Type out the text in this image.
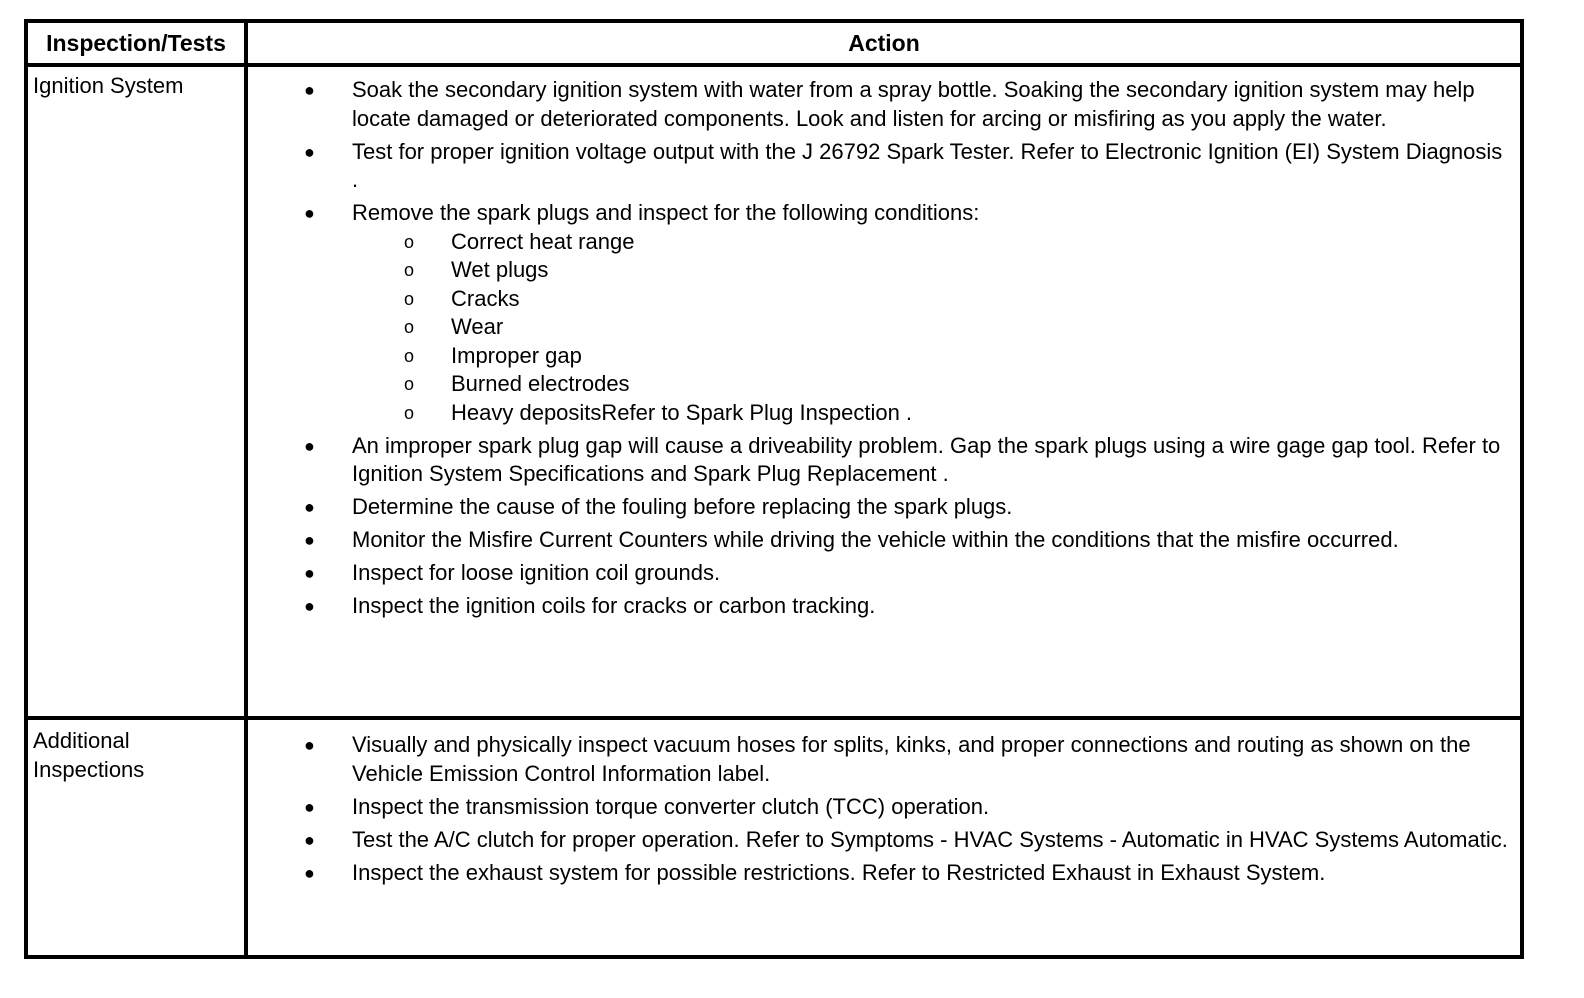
Inspection/Tests	Action
Ignition System	● Soak the secondary ignition system with water from a spray bottle. Soaking the secondary ignition system may help locate damaged or deteriorated components. Look and listen for arcing or misfiring as you apply the water.
● Test for proper ignition voltage output with the J 26792 Spark Tester. Refer to Electronic Ignition (EI) System Diagnosis .
● Remove the spark plugs and inspect for the following conditions:
o Correct heat range
o Wet plugs
o Cracks
o Wear
o Improper gap
o Burned electrodes
o Heavy depositsRefer to Spark Plug Inspection .
● An improper spark plug gap will cause a driveability problem. Gap the spark plugs using a wire gage gap tool. Refer to Ignition System Specifications and Spark Plug Replacement .
● Determine the cause of the fouling before replacing the spark plugs.
● Monitor the Misfire Current Counters while driving the vehicle within the conditions that the misfire occurred.
● Inspect for loose ignition coil grounds.
● Inspect the ignition coils for cracks or carbon tracking.
Additional Inspections
● Visually and physically inspect vacuum hoses for splits, kinks, and proper connections and routing as shown on the Vehicle Emission Control Information label.
● Inspect the transmission torque converter clutch (TCC) operation.
● Test the A/C clutch for proper operation. Refer to Symptoms - HVAC Systems - Automatic in HVAC Systems Automatic.
● Inspect the exhaust system for possible restrictions. Refer to Restricted Exhaust in Exhaust System.
